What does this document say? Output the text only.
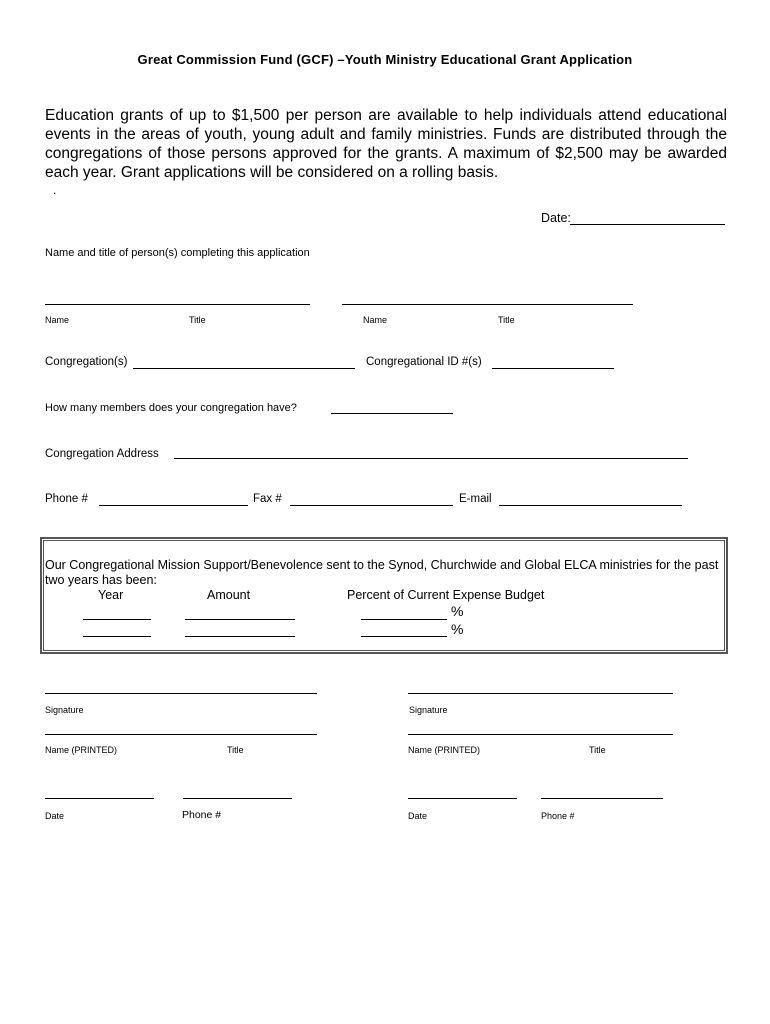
Great Commission Fund (GCF) –Youth Ministry Educational Grant Application
Education grants of up to $1,500 per person are available to help individuals attend educational events in the areas of youth, young adult and family ministries. Funds are distributed through the congregations of those persons approved for the grants. A maximum of $2,500 may be awarded each year. Grant applications will be considered on a rolling basis.
.
Date:
Name and title of person(s) completing this application
Name	Title	Name	Title
Congregation(s)	Congregational ID #(s)
How many members does your congregation have?
Congregation Address
Phone #	Fax #	E-mail
Our Congregational Mission Support/Benevolence sent to the Synod, Churchwide and Global ELCA ministries for the past two years has been:
Year	Amount	Percent of Current Expense Budget
%
%
Signature
Name (PRINTED)	Title
Date	Phone #
Signature
Name (PRINTED)	Title
Date	Phone #
